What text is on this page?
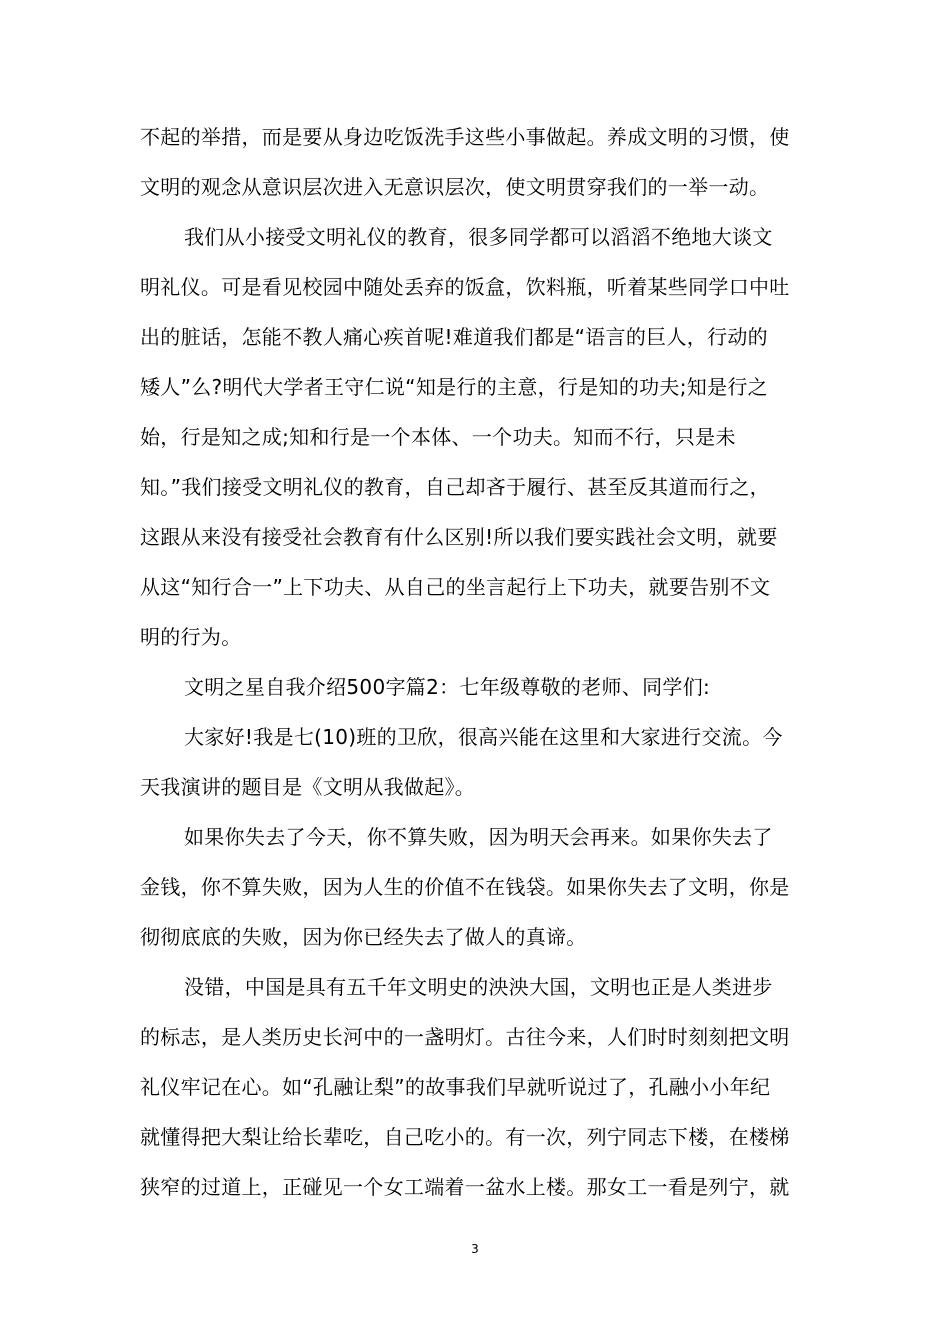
不起的举措，而是要从身边吃饭洗手这些小事做起。养成文明的习惯，使
文明的观念从意识层次进入无意识层次，使文明贯穿我们的一举一动。
我们从小接受文明礼仪的教育，很多同学都可以滔滔不绝地大谈文
明礼仪。可是看见校园中随处丢弃的饭盒，饮料瓶，听着某些同学口中吐
出的脏话，怎能不教人痛心疾首呢!难道我们都是“语言的巨人，行动的
矮人”么?明代大学者王守仁说“知是行的主意，行是知的功夫;知是行之
始，行是知之成;知和行是一个本体、一个功夫。知而不行，只是未
知。”我们接受文明礼仪的教育，自己却吝于履行、甚至反其道而行之，
这跟从来没有接受社会教育有什么区别!所以我们要实践社会文明，就要
从这“知行合一”上下功夫、从自己的坐言起行上下功夫，就要告别不文
明的行为。
文明之星自我介绍500字篇2：七年级尊敬的老师、同学们:
大家好!我是七(10)班的卫欣，很高兴能在这里和大家进行交流。今
天我演讲的题目是《文明从我做起》。
如果你失去了今天，你不算失败，因为明天会再来。如果你失去了
金钱，你不算失败，因为人生的价值不在钱袋。如果你失去了文明，你是
彻彻底底的失败，因为你已经失去了做人的真谛。
没错，中国是具有五千年文明史的泱泱大国，文明也正是人类进步
的标志，是人类历史长河中的一盏明灯。古往今来，人们时时刻刻把文明
礼仪牢记在心。如“孔融让梨”的故事我们早就听说过了，孔融小小年纪
就懂得把大梨让给长辈吃，自己吃小的。有一次，列宁同志下楼，在楼梯
狭窄的过道上，正碰见一个女工端着一盆水上楼。那女工一看是列宁，就
3
